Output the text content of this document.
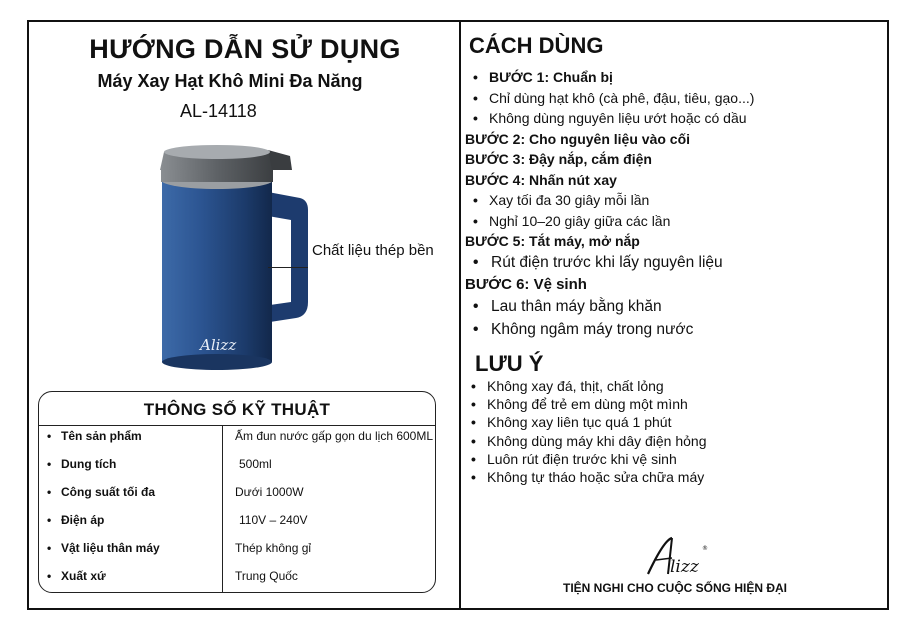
HƯỚNG DẪN SỬ DỤNG
Máy Xay Hạt Khô Mini Đa Năng
AL-14118
Alizz
Chất liệu thép bền
THÔNG SỐ KỸ THUẬT
• Tên sản phẩm	Ấm đun nước gấp gọn du lịch 600ML
• Dung tích	500ml
• Công suất tối đa	Dưới 1000W
• Điện áp	110V – 240V
• Vật liệu thân máy	Thép không gỉ
• Xuất xứ	Trung Quốc
CÁCH DÙNG
• BƯỚC 1: Chuẩn bị
• Chỉ dùng hạt khô (cà phê, đậu, tiêu, gạo...)
• Không dùng nguyên liệu ướt hoặc có dầu
BƯỚC 2: Cho nguyên liệu vào cối
BƯỚC 3: Đậy nắp, cắm điện
BƯỚC 4: Nhấn nút xay
• Xay tối đa 30 giây mỗi lần
• Nghỉ 10–20 giây giữa các lần
BƯỚC 5: Tắt máy, mở nắp
• Rút điện trước khi lấy nguyên liệu
BƯỚC 6: Vệ sinh
• Lau thân máy bằng khăn
• Không ngâm máy trong nước
LƯU Ý
• Không xay đá, thịt, chất lỏng
• Không để trẻ em dùng một mình
• Không xay liên tục quá 1 phút
• Không dùng máy khi dây điện hỏng
• Luôn rút điện trước khi vệ sinh
• Không tự tháo hoặc sửa chữa máy
lizz
®
TIỆN NGHI CHO CUỘC SỐNG HIỆN ĐẠI
